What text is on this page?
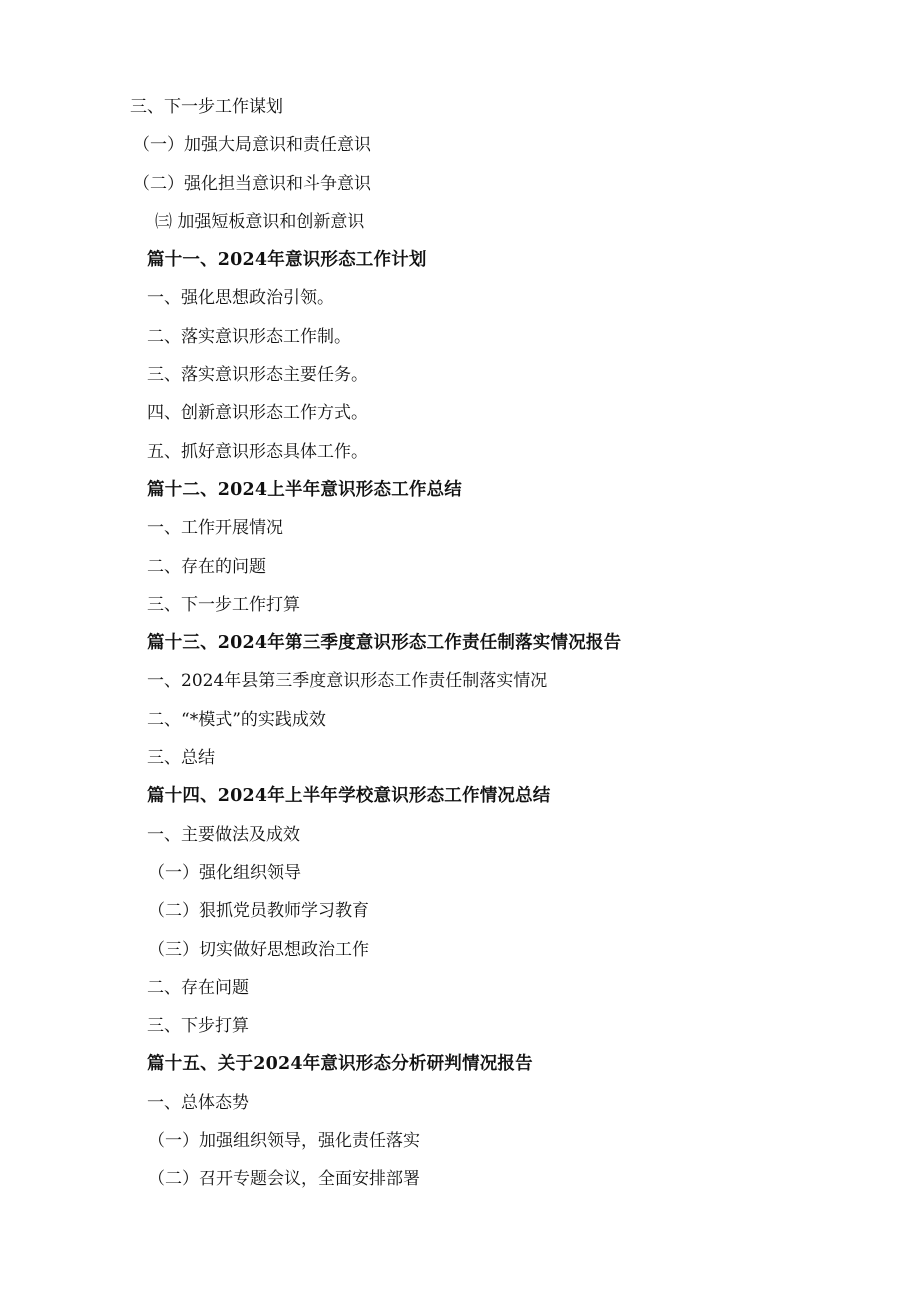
三、下一步工作谋划
（一）加强大局意识和责任意识
（二）强化担当意识和斗争意识
㈢ 加强短板意识和创新意识
篇十一、2024年意识形态工作计划
一、强化思想政治引领。
二、落实意识形态工作制。
三、落实意识形态主要任务。
四、创新意识形态工作方式。
五、抓好意识形态具体工作。
篇十二、2024上半年意识形态工作总结
一、工作开展情况
二、存在的问题
三、下一步工作打算
篇十三、2024年第三季度意识形态工作责任制落实情况报告
一、2024年县第三季度意识形态工作责任制落实情况
二、“*模式”的实践成效
三、总结
篇十四、2024年上半年学校意识形态工作情况总结
一、主要做法及成效
（一）强化组织领导
（二）狠抓党员教师学习教育
（三）切实做好思想政治工作
二、存在问题
三、下步打算
篇十五、关于2024年意识形态分析研判情况报告
一、总体态势
（一）加强组织领导，强化责任落实
（二）召开专题会议，全面安排部署
